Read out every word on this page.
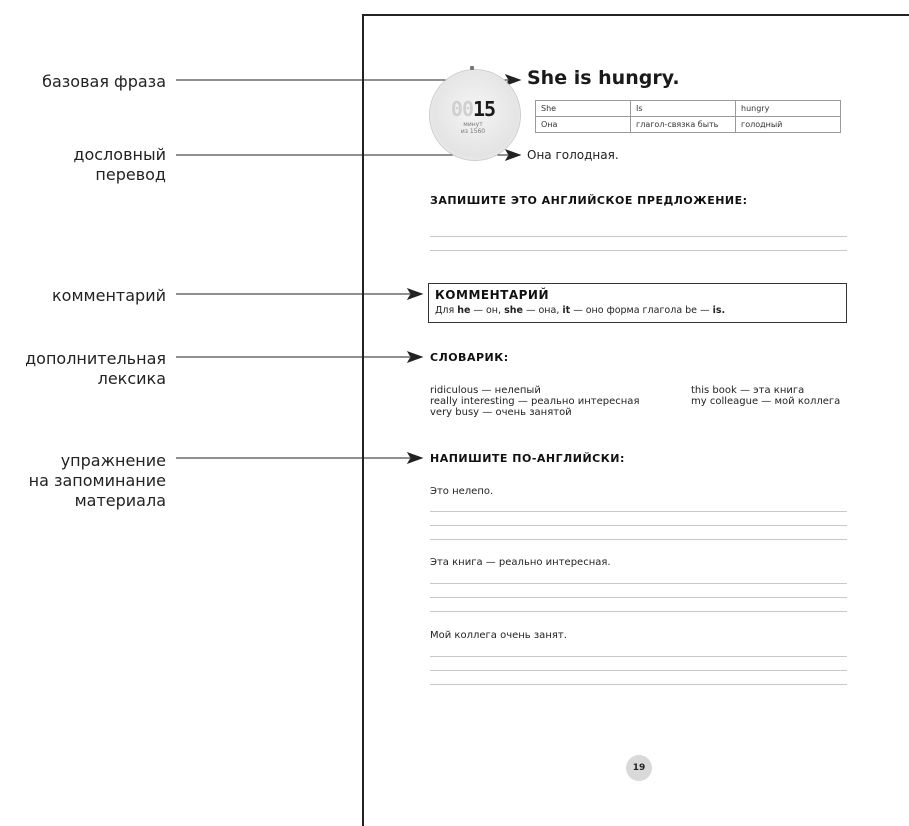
базовая фраза
дословный
перевод
комментарий
дополнительная
лексика
упражнение
на запоминание
материала
0015
минут
из 1560
She is hungry.
She	Is	hungry
Она	глагол-связка быть	голодный
Она голодная.
ЗАПИШИТЕ ЭТО АНГЛИЙСКОЕ ПРЕДЛОЖЕНИЕ:
КОММЕНТАРИЙ
Для he — он, she — она, it — оно форма глагола be — is.
СЛОВАРИК:
ridiculous — нелепый
really interesting — реально интересная
very busy — очень занятой
this book — эта книга
my colleague — мой коллега
НАПИШИТЕ ПО-АНГЛИЙСКИ:
Это нелепо.
Эта книга — реально интересная.
Мой коллега очень занят.
19
